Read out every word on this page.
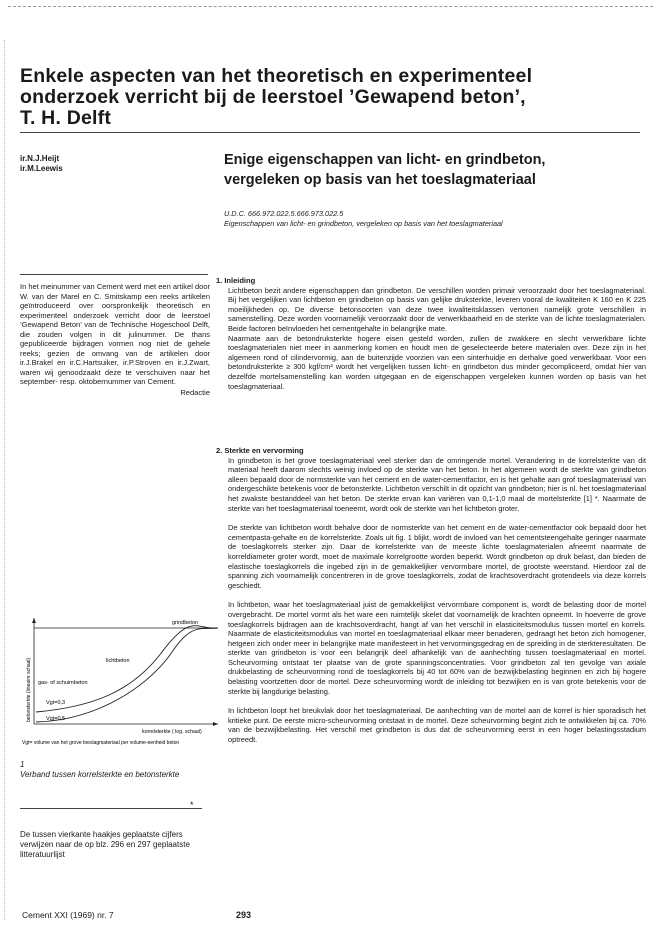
Enkele aspecten van het theoretisch en experimenteel
onderzoek verricht bij de leerstoel ’Gewapend beton’,
T. H. Delft
ir.N.J.Heijt
ir.M.Leewis
Enige eigenschappen van licht- en grindbeton,
vergeleken op basis van het toeslagmateriaal
U.D.C. 666.972.022.5.666.973.022.5
Eigenschappen van licht- en grindbeton, vergeleken op basis van het toeslagmateriaal
In het meinummer van Cement werd met een artikel door W. van der Marel en C. Smitskamp een reeks artikelen geïntroduceerd over oorspronkelijk theoretisch en experimenteel onderzoek verricht door de leerstoel ’Gewapend Beton’ van de Technische Hogeschool Delft, die zouden volgen in dit julinummer. De thans gepubliceerde bijdragen vormen nog niet de gehele reeks; gezien de omvang van de artikelen door ir.J.Brakel en ir.C.Hartsuiker, ir.P.Stroven en ir.J.Zwart, waren wij genoodzaakt deze te verschuiven naar het september- resp. oktobernummer van Cement.
Redactie
1. Inleiding

Lichtbeton bezit andere eigenschappen dan grindbeton. De verschillen worden primair veroorzaakt door het toeslagmateriaal. Bij het vergelijken van lichtbeton en grindbeton op basis van gelijke druksterkte, leveren vooral de kwaliteiten K 160 en K 225 moeilijkheden op. De diverse betonsoorten van deze twee kwaliteitsklassen vertonen namelijk grote verschillen in samenstelling. Deze worden voornamelijk veroorzaakt door de verwerkbaarheid en de sterkte van de lichte toeslagmaterialen. Beide factoren beïnvloeden het cementgehalte in belangrijke mate.

Naarmate aan de betondruksterkte hogere eisen gesteld worden, zullen de zwakkere en slecht verwerkbare lichte toeslagmaterialen niet meer in aanmerking komen en houdt men de geselecteerde betere materialen over. Deze zijn in het algemeen rond of cilindervormig, aan de buitenzijde voorzien van een sinterhuidje en derhalve goed verwerkbaar. Voor een betondruksterkte ≥ 300 kgf/cm² wordt het vergelijken tussen licht- en grindbeton dus minder gecompliceerd, omdat hier van dezelfde mortelsamenstelling kan worden uitgegaan en de eigenschappen vergeleken kunnen worden op basis van het toeslagmateriaal.

2. Sterkte en vervorming

In grindbeton is het grove toeslagmateriaal veel sterker dan de omringende mortel. Verandering in de korrelsterkte van dit materiaal heeft daarom slechts weinig invloed op de sterkte van het beton. In het algemeen wordt de sterkte van grindbeton alleen bepaald door de normsterkte van het cement en de water-cementfactor, en is het gehalte aan grof toeslagmateriaal van ondergeschikte betekenis voor de betonsterkte. Lichtbeton verschilt in dit opzicht van grindbeton; hier is nl. het toeslagmateriaal het zwakste bestanddeel van het beton. De sterkte ervan kan variëren van 0,1-1,0 maal de mortelsterkte [1] *. Naarmate de sterkte van het toeslagmateriaal toeneemt, wordt ook de sterkte van het lichtbeton groter.

De sterkte van lichtbeton wordt behalve door de normsterkte van het cement en de water-cementfactor ook bepaald door het cementpasta-gehalte en de korrelsterkte. Zoals uit fig. 1 blijkt, wordt de invloed van het cementsteengehalte geringer naarmate de toeslagkorrels sterker zijn. Daar de korrelsterkte van de meeste lichte toeslagmaterialen afneemt naarmate de korreldiameter groter wordt, moet de maximale korrelgrootte worden beperkt. Wordt grindbeton op druk belast, dan bieden de elastische toeslagkorrels die ingebed zijn in de gemakkelijker vervormbare mortel, de grootste weerstand. Hierdoor zal de spanning zich voornamelijk concentreren in de grove toeslagkorrels, zodat de krachtsoverdracht grotendeels via deze korrels geschiedt.

In lichtbeton, waar het toeslagmateriaal juist de gemakkelijkst vervormbare component is, wordt de belasting door de mortel overgebracht. De mortel vormt als het ware een ruimtelijk skelet dat voornamelijk de krachten opneemt. In hoeverre de grove toeslagkorrels bijdragen aan de krachtsoverdracht, hangt af van het verschil in elasticiteitsmodulus tussen mortel en korrels. Naarmate de elasticiteitsmodulus van mortel en toeslagmateriaal elkaar meer benaderen, gedraagt het beton zich homogener, hetgeen zich onder meer in belangrijke mate manifesteert in het vervormingsgedrag en de spreiding in de sterkteresultaten. De sterkte van grindbeton is voor een belangrijk deel afhankelijk van de aanhechting tussen toeslagmateriaal en mortel. Scheurvorming ontstaat ter plaatse van de grote spanningsconcentraties. Voor grindbeton zal ten gevolge van axiale drukbelasting de scheurvorming rond de toeslagkorrels bij 40 tot 60% van de bezwijkbelasting beginnen en zich bij hogere belasting voortzetten door de mortel. Deze scheurvorming wordt de inleiding tot bezwijken en is van grote betekenis voor de sterkte bij langdurige belasting.

In lichtbeton loopt het breukvlak door het toeslagmateriaal. De aanhechting van de mortel aan de korrel is hier sporadisch het kritieke punt. De eerste micro-scheurvorming ontstaat in de mortel. Deze scheurvorming begint zich te ontwikkelen bij ca. 70% van de bezwijkbelasting. Het verschil met grindbeton is dus dat de scheurvorming eerst in een hoger belastingsstadium optreedt.

grindbeton
lichtbeton
gas- of schuimbeton
Vgt=0,3
Vgt=0,5
korrelsterkte ( log. schaal)
betonsterkte (lineaire schaal)
Vgt= volume van het grove toeslagmateriaal per volume-eenheid beton
1
Verband tussen korrelsterkte en betonsterkte
*
De tussen vierkante haakjes geplaatste cijfers verwijzen naar de op blz. 296 en 297 geplaatste litteratuurlijst
Cement XXI (1969) nr. 7	293
